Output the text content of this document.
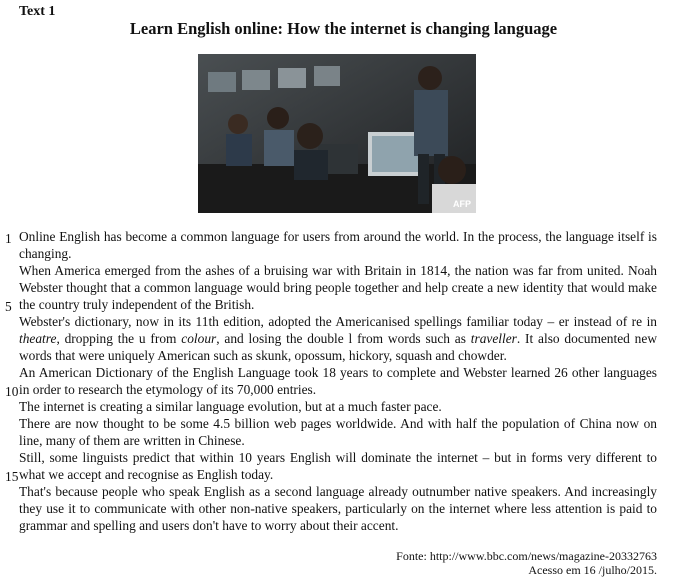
Text 1
Learn English online: How the internet is changing language
AFP
1
5
10
15

Online English has become a common language for users from around the world. In the process, the language itself is changing.

When America emerged from the ashes of a bruising war with Britain in 1814, the nation was far from united. Noah Webster thought that a common language would bring people together and help create a new identity that would make the country truly independent of the British.

Webster's dictionary, now in its 11th edition, adopted the Americanised spellings familiar today – er instead of re in theatre, dropping the u from colour, and losing the double l from words such as traveller. It also documented new words that were uniquely American such as skunk, opossum, hickory, squash and chowder.

An American Dictionary of the English Language took 18 years to complete and Webster learned 26 other languages in order to research the etymology of its 70,000 entries.

The internet is creating a similar language evolution, but at a much faster pace.

There are now thought to be some 4.5 billion web pages worldwide. And with half the population of China now on line, many of them are written in Chinese.

Still, some linguists predict that within 10 years English will dominate the internet – but in forms very different to what we accept and recognise as English today.

That's because people who speak English as a second language already outnumber native speakers. And increasingly they use it to communicate with other non-native speakers, particularly on the internet where less attention is paid to grammar and spelling and users don't have to worry about their accent.

Fonte: http://www.bbc.com/news/magazine-20332763
Acesso em 16 /julho/2015.
